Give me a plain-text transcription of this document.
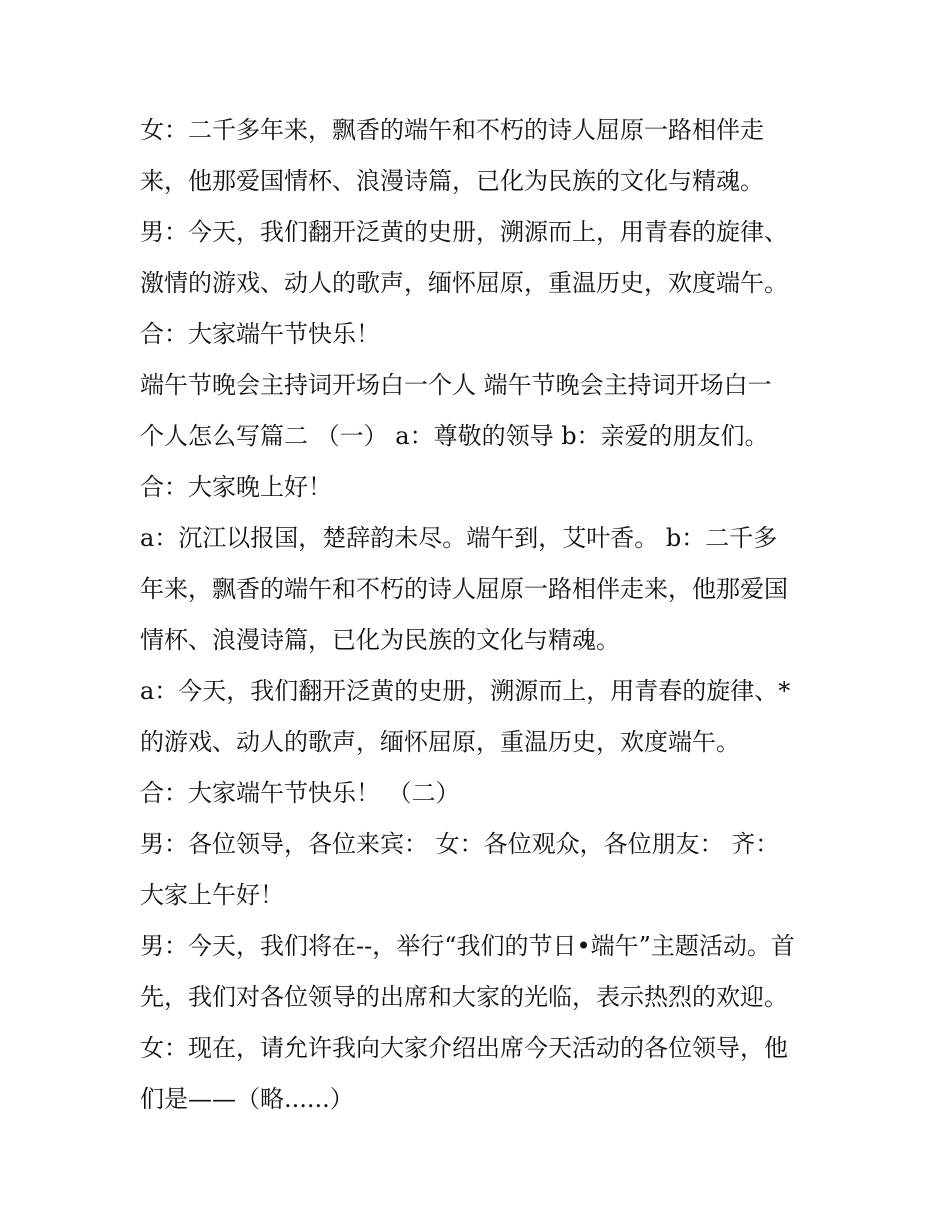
女：二千多年来，飘香的端午和不朽的诗人屈原一路相伴走
来，他那爱国情杯、浪漫诗篇，已化为民族的文化与精魂。
男：今天，我们翻开泛黄的史册，溯源而上，用青春的旋律、
激情的游戏、动人的歌声，缅怀屈原，重温历史，欢度端午。
合：大家端午节快乐！
端午节晚会主持词开场白一个人 端午节晚会主持词开场白一
个人怎么写篇二 （一） a：尊敬的领导 b：亲爱的朋友们。
合：大家晚上好！
a：沉江以报国，楚辞韵未尽。端午到，艾叶香。 b：二千多
年来，飘香的端午和不朽的诗人屈原一路相伴走来，他那爱国
情杯、浪漫诗篇，已化为民族的文化与精魂。
a：今天，我们翻开泛黄的史册，溯源而上，用青春的旋律、*
的游戏、动人的歌声，缅怀屈原，重温历史，欢度端午。
合：大家端午节快乐！ （二）
男：各位领导，各位来宾： 女：各位观众，各位朋友： 齐：
大家上午好！
男：今天，我们将在--，举行“我们的节日•端午”主题活动。首
先，我们对各位领导的出席和大家的光临，表示热烈的欢迎。
女：现在，请允许我向大家介绍出席今天活动的各位领导，他
们是——（略......）
